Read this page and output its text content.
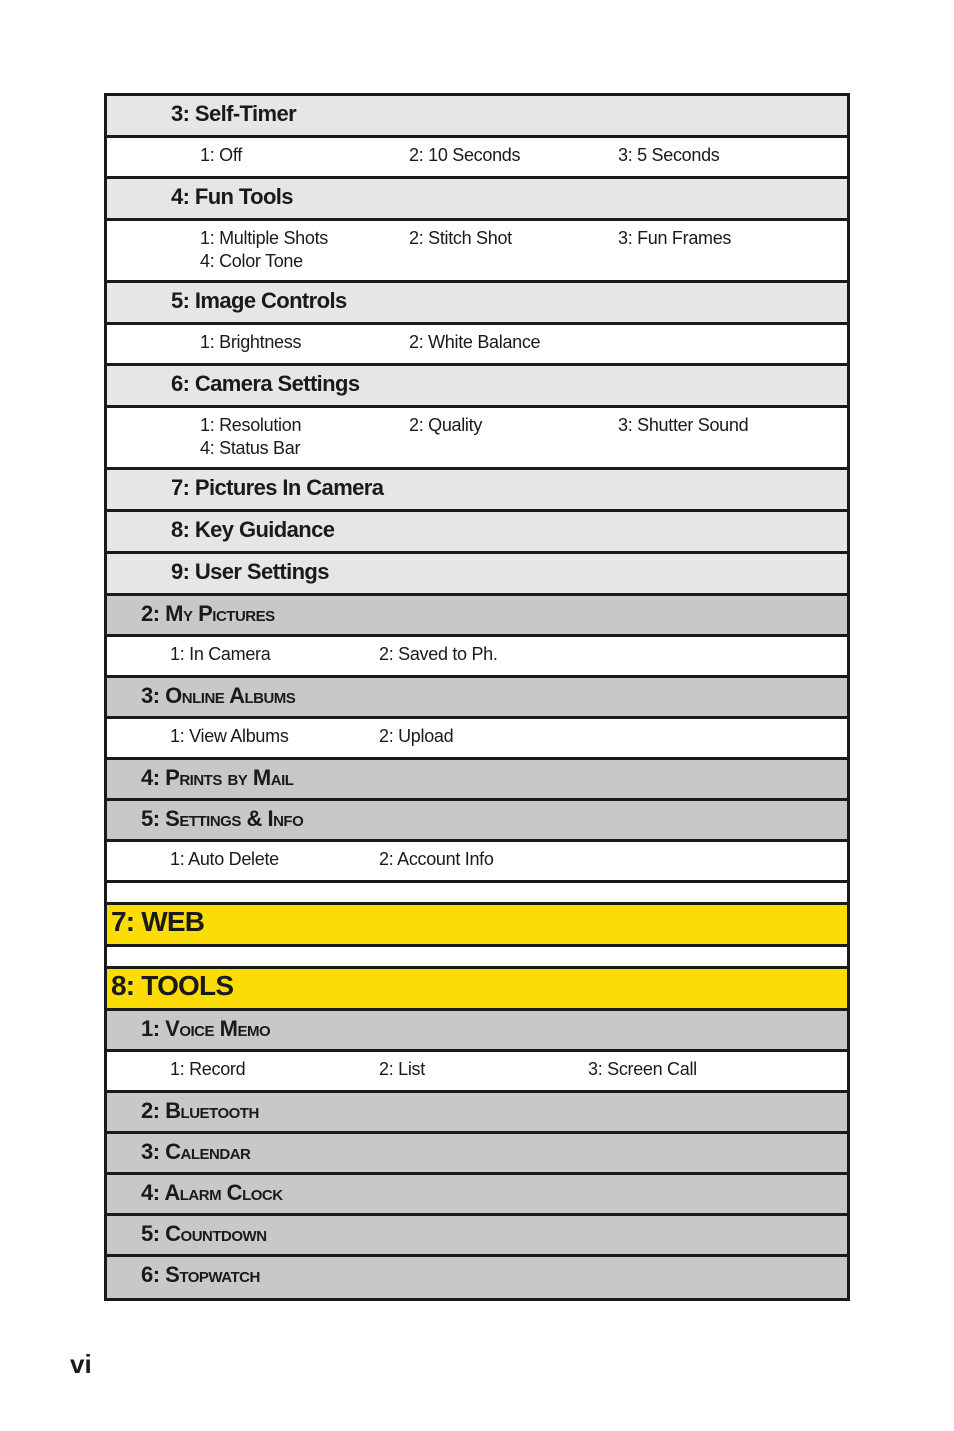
3: Self-Timer
1: Off	2: 10 Seconds	3: 5 Seconds
4: Fun Tools
1: Multiple Shots	2: Stitch Shot	3: Fun Frames
4: Color Tone
5: Image Controls
1: Brightness	2: White Balance
6: Camera Settings
1: Resolution	2: Quality	3: Shutter Sound
4: Status Bar
7: Pictures In Camera
8: Key Guidance
9: User Settings
2: My Pictures
1: In Camera	2: Saved to Ph.
3: Online Albums
1: View Albums	2: Upload
4: Prints by Mail
5: Settings & Info
1: Auto Delete	2: Account Info
7: WEB
8: TOOLS
1: Voice Memo
1: Record	2: List	3: Screen Call
2: Bluetooth
3: Calendar
4: Alarm Clock
5: Countdown
6: Stopwatch
vi
